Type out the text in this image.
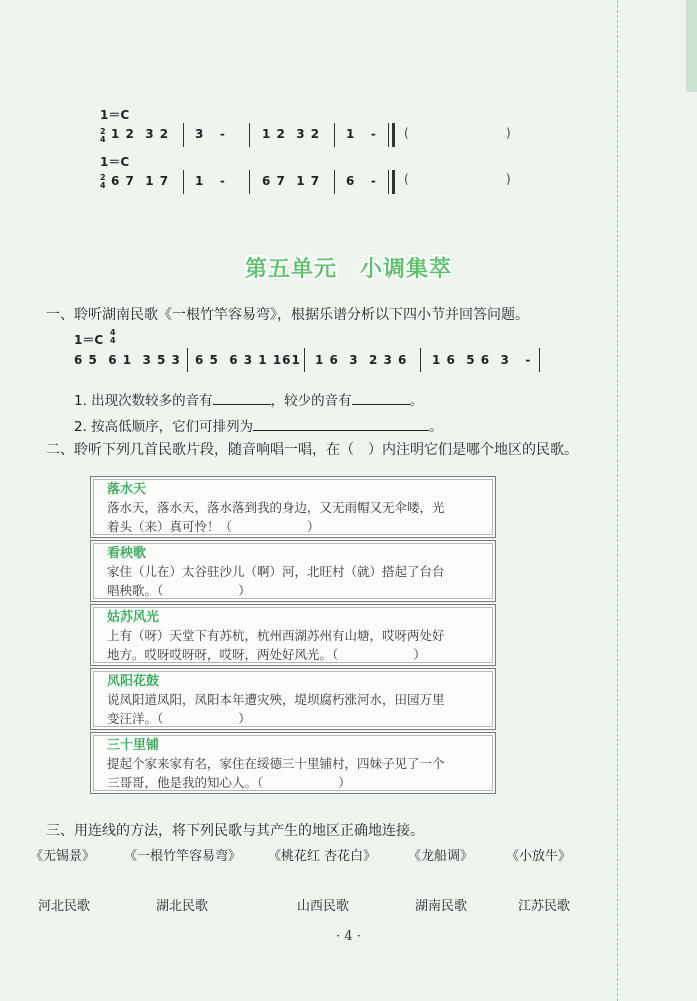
1＝C
2
4 1 2  3 2 3   -	1 2  3 2 1   - (	)
1＝C
2
4 6 7  1 7 1   -	6 7  1 7 6   - (	)
第五单元　小调集萃
一、聆听湖南民歌《一根竹竿容易弯》，根据乐谱分析以下四小节并回答问题。
1＝C
4
4
6 5  6 1  3 5 3 6 5  6 3 1 161 1 6  3  2 3 6 1 6  5 6  3   -
1. 出现次数较多的音有	，较少的音有	。
2. 按高低顺序，它们可排列为	。
二、聆听下列几首民歌片段，随音响唱一唱，在（　）内注明它们是哪个地区的民歌。
落水天
落水天，落水天，落水落到我的身边，又无雨帽又无伞喽，光
着头（来）真可怜！（　　　　　　）
看秧歌
家住（儿在）太谷驻沙儿（啊）河，北旺村（就）搭起了台台
唱秧歌。（　　　　　　）
姑苏风光
上有（呀）天堂下有苏杭，杭州西湖苏州有山塘，哎呀两处好
地方。哎呀哎呀呀，哎呀，两处好风光。（　　　　　　）
凤阳花鼓
说凤阳道凤阳，凤阳本年遭灾殃，堤坝腐朽涨河水，田园万里
变汪洋。（　　　　　　）
三十里铺
提起个家来家有名，家住在绥德三十里铺村，四妹子见了一个
三哥哥，他是我的知心人。（　　　　　　）
三、用连线的方法，将下列民歌与其产生的地区正确地连接。
《无锡景》 《一根竹竿容易弯》 《桃花红 杏花白》 《龙船调》	《小放牛》
河北民歌	湖北民歌	山西民歌	湖南民歌	江苏民歌
· 4 ·
